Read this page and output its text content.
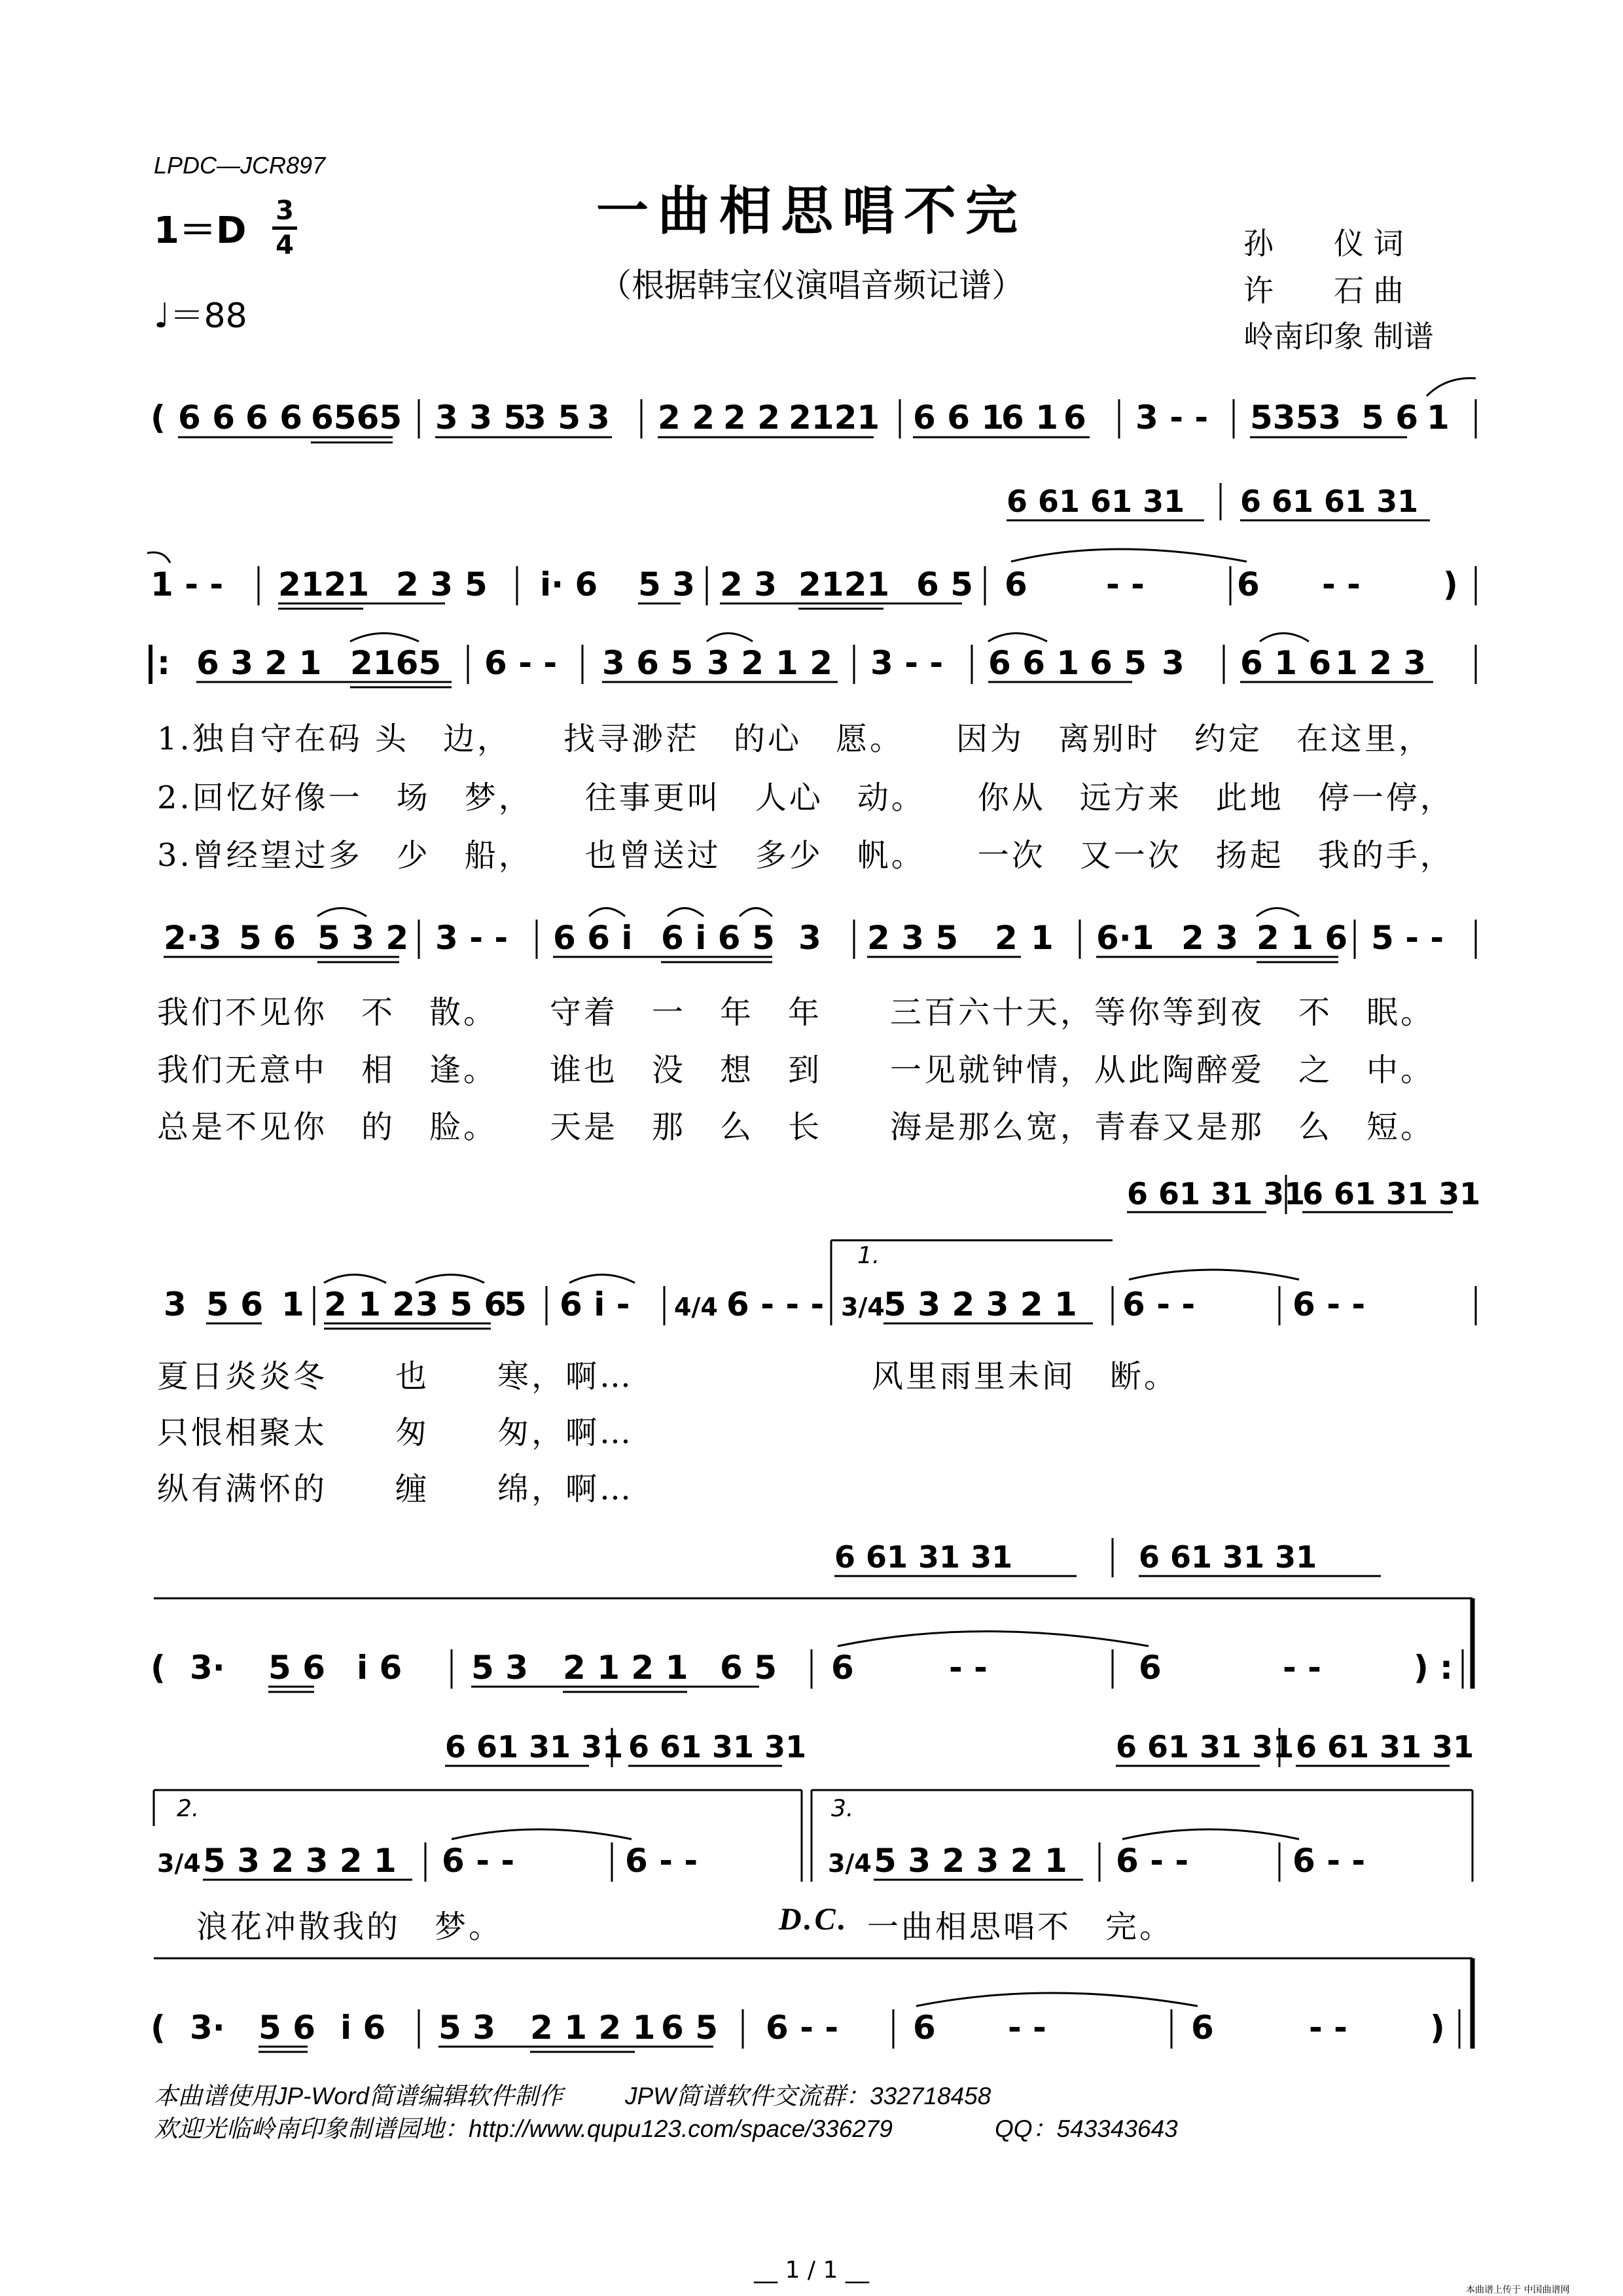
LPDC—JCR897
1＝D 3
4
♩＝88
一曲相思唱不完
（根据韩宝仪演唱音频记谱）
孙　　仪 词
许　　石 曲
岭南印象 制谱
( 6 6 6 6 6565 3 3 5
3 5 3 2 2 2 2 2121 6 6 1
6 1 6 3 - - 5353 5 6 1
6 61 61 31 6 61 61 31
1 - - 2121 2 3 5 i· 6 5 3 2 3 2121 6 5 6 - -	6 - -	)
: 6 3 2 1 2165 6 - - 3 6 5 3 2 1 2 3 - - 6 6 1 6 5 3 6 1 6 1 2 3
2·3 5 6 5 3 2 3 - - 6 6 i 6 i 6 5 3 2 3 5 2 1 6·1 2 3 2 1 6 5 - -
6 61 31 31
6 61 31 31
3 5 6 1 2 1 2 3 5 6
5 6 i - 4/4 6 - - -
1.
3/4
5 3 2 3 2 1 6 - -	6 - -
6 61 31 31	6 61 31 31
( 3· 5 6 i 6 5 3 2 1 2 1 6 5 6	- -	6	- -	) :
6 61 31 31 6 61 31 31	6 61 31 31 6 61 31 31
2.
3/4 5 3 2 3 2 1 6 - -	6 - -
3.
3/4 5 3 2 3 2 1 6 - -	6 - -
( 3· 5 6 i 6 5 3 2 1 2 1 6 5 6 - - 6 - -	6	- -	)
1.独自守在码 头　边，　　找寻渺茫　的心　愿。　　因为　离别时　约定　在这里，
2.回忆好像一　场　梦，　　往事更叫　人心　动。　　你从　远方来　此地　停一停，
3.曾经望过多　少　船，　　也曾送过　多少　帆。　　一次　又一次　扬起　我的手，
我们不见你　不　散。　　守着　一　年　年　　三百六十天，等你等到夜　不　眠。
我们无意中　相　逢。　　谁也　没　想　到　　一见就钟情，从此陶醉爱　之　中。
总是不见你　的　脸。　　天是　那　么　长　　海是那么宽，青春又是那　么　短。
夏日炎炎冬　　也　　寒，啊…　　　　　　　风里雨里未间　断。
只恨相聚太　　匆　　匆，啊…
纵有满怀的　　缠　　绵，啊…
浪花冲散我的　梦。	D.C. 一曲相思唱不　完。
本曲谱使用JP-Word简谱编辑软件制作	JPW简谱软件交流群：332718458
欢迎光临岭南印象制谱园地：http://www.qupu123.com/space/336279	QQ：543343643
__ 1 / 1 __
本曲谱上传于 中国曲谱网
